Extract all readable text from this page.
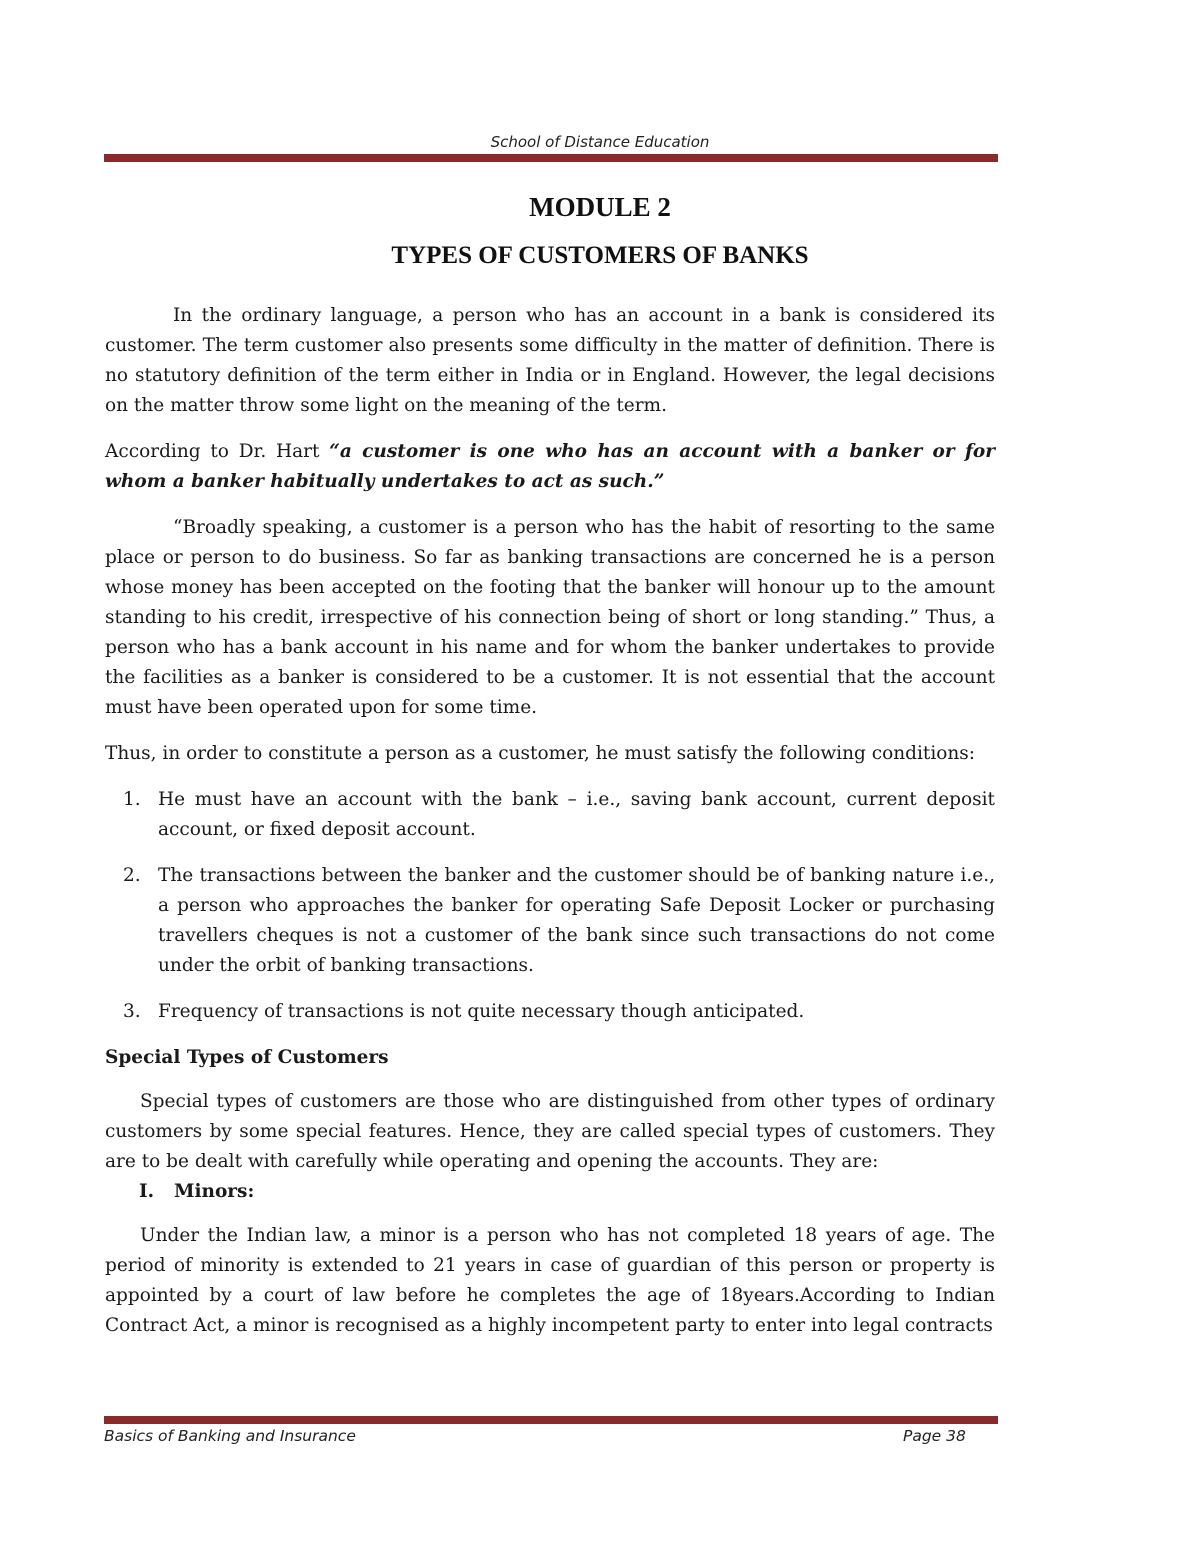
School of Distance Education
MODULE 2
TYPES OF CUSTOMERS OF BANKS

In the ordinary language, a person who has an account in a bank is considered its customer. The term customer also presents some difficulty in the matter of definition. There is no statutory definition of the term either in India or in England. However, the legal decisions on the matter throw some light on the meaning of the term.

According to Dr. Hart “a customer is one who has an account with a banker or for whom a banker habitually undertakes to act as such.”

“Broadly speaking, a customer is a person who has the habit of resorting to the same place or person to do business. So far as banking transactions are concerned he is a person whose money has been accepted on the footing that the banker will honour up to the amount standing to his credit, irrespective of his connection being of short or long standing.” Thus, a person who has a bank account in his name and for whom the banker undertakes to provide the facilities as a banker is considered to be a customer. It is not essential that the account must have been operated upon for some time.

Thus, in order to constitute a person as a customer, he must satisfy the following conditions:

1. He must have an account with the bank – i.e., saving bank account, current deposit account, or fixed deposit account.
2. The transactions between the banker and the customer should be of banking nature i.e., a person who approaches the banker for operating Safe Deposit Locker or purchasing travellers cheques is not a customer of the bank since such transactions do not come under the orbit of banking transactions.
3. Frequency of transactions is not quite necessary though anticipated.

Special Types of Customers

Special types of customers are those who are distinguished from other types of ordinary customers by some special features. Hence, they are called special types of customers. They are to be dealt with carefully while operating and opening the accounts. They are:

I. Minors:

Under the Indian law, a minor is a person who has not completed 18 years of age. The period of minority is extended to 21 years in case of guardian of this person or property is appointed by a court of law before he completes the age of 18years.According to Indian Contract Act, a minor is recognised as a highly incompetent party to enter into legal contracts

Basics of Banking and Insurance	Page 38
